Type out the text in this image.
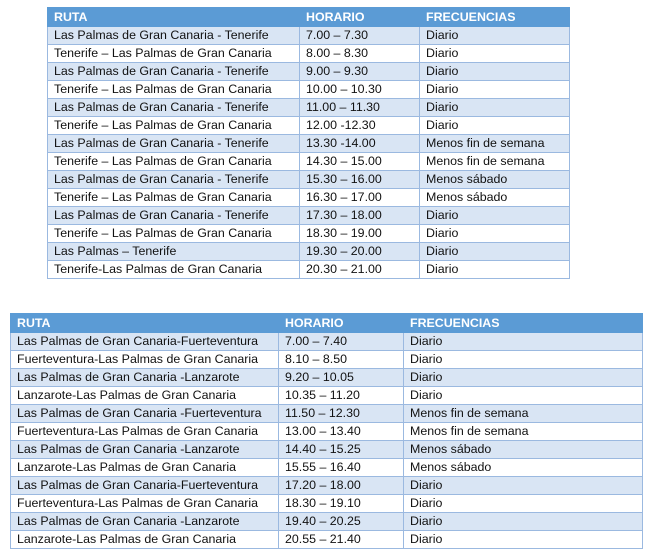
RUTA	HORARIO	FRECUENCIAS
Las Palmas de Gran Canaria - Tenerife	7.00 – 7.30	Diario
Tenerife – Las Palmas de Gran Canaria	8.00 – 8.30	Diario
Las Palmas de Gran Canaria - Tenerife	9.00 – 9.30	Diario
Tenerife – Las Palmas de Gran Canaria	10.00 – 10.30	Diario
Las Palmas de Gran Canaria - Tenerife	11.00 – 11.30	Diario
Tenerife – Las Palmas de Gran Canaria	12.00 -12.30	Diario
Las Palmas de Gran Canaria - Tenerife	13.30 -14.00	Menos fin de semana
Tenerife – Las Palmas de Gran Canaria	14.30 – 15.00	Menos fin de semana
Las Palmas de Gran Canaria - Tenerife	15.30 – 16.00	Menos sábado
Tenerife – Las Palmas de Gran Canaria	16.30 – 17.00	Menos sábado
Las Palmas de Gran Canaria - Tenerife	17.30 – 18.00	Diario
Tenerife – Las Palmas de Gran Canaria	18.30 – 19.00	Diario
Las Palmas – Tenerife	19.30 – 20.00	Diario
Tenerife-Las Palmas de Gran Canaria	20.30 – 21.00	Diario
RUTA	HORARIO	FRECUENCIAS
Las Palmas de Gran Canaria-Fuerteventura	7.00 – 7.40	Diario
Fuerteventura-Las Palmas de Gran Canaria	8.10 – 8.50	Diario
Las Palmas de Gran Canaria -Lanzarote	9.20 – 10.05	Diario
Lanzarote-Las Palmas de Gran Canaria	10.35 – 11.20	Diario
Las Palmas de Gran Canaria -Fuerteventura	11.50 – 12.30	Menos fin de semana
Fuerteventura-Las Palmas de Gran Canaria	13.00 – 13.40	Menos fin de semana
Las Palmas de Gran Canaria -Lanzarote	14.40 – 15.25	Menos sábado
Lanzarote-Las Palmas de Gran Canaria	15.55 – 16.40	Menos sábado
Las Palmas de Gran Canaria-Fuerteventura	17.20 – 18.00	Diario
Fuerteventura-Las Palmas de Gran Canaria	18.30 – 19.10	Diario
Las Palmas de Gran Canaria -Lanzarote	19.40 – 20.25	Diario
Lanzarote-Las Palmas de Gran Canaria	20.55 – 21.40	Diario
